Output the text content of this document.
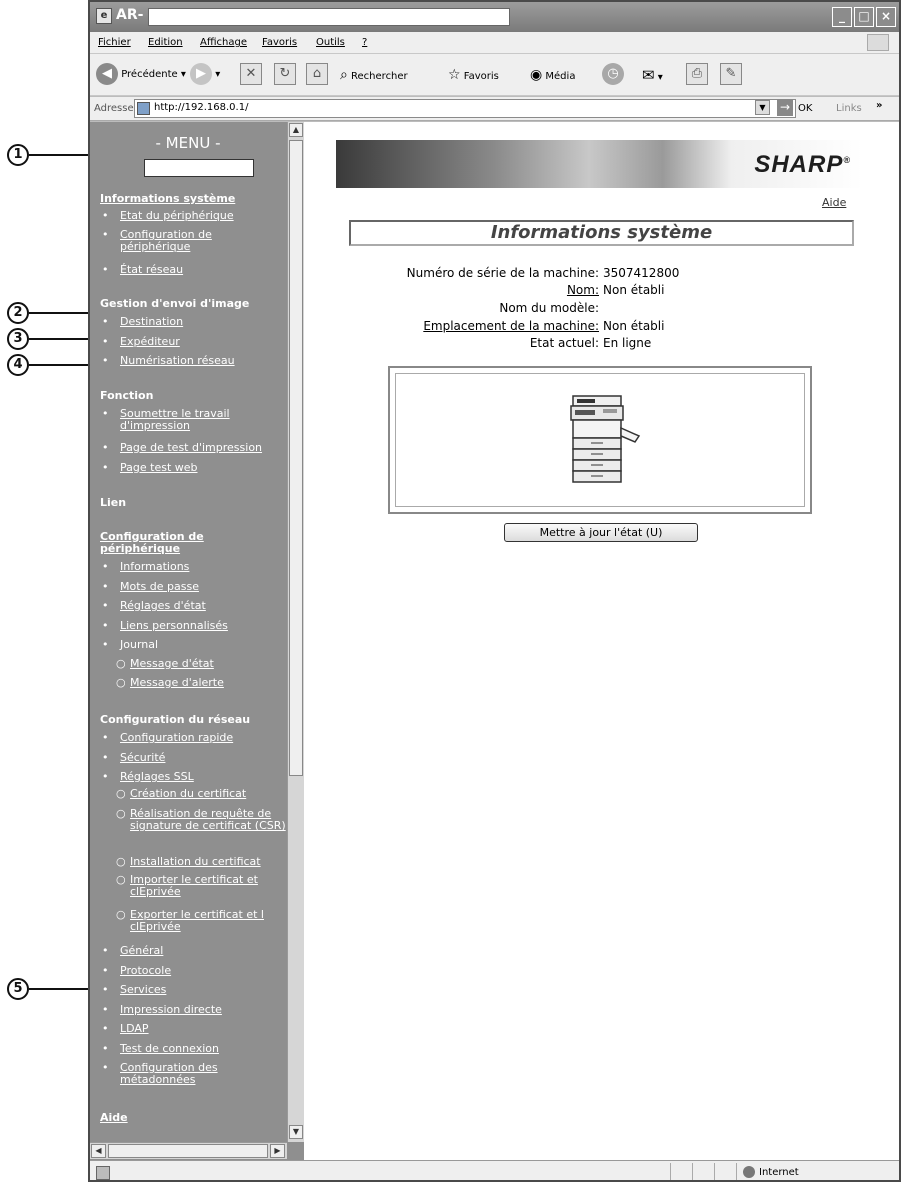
1
2
3
4
5
e AR-	_	□ ×
Fichier Edition Affichage Favoris Outils ?
◀ Précédente ▾ ▶ ▾	✕	↻	⌂	⌕ Rechercher	☆ Favoris ◉ Média	◷	✉ ▾	⎙	✎
Adresse http://192.168.0.1/	▼	→ OK Links »
- MENU -
Informations système
• Etat du périphérique
• Configuration de périphérique
• État réseau
Gestion d'envoi d'image
• Destination
• Expéditeur
• Numérisation réseau
Fonction
• Soumettre le travail d'impression
• Page de test d'impression
• Page test web
Lien
Configuration de périphérique
• Informations
• Mots de passe
• Réglages d'état
• Liens personnalisés
• Journal
○ Message d'état
○ Message d'alerte
Configuration du réseau
• Configuration rapide
• Sécurité
• Réglages SSL
○ Création du certificat
○ Réalisation de requête de signature de certificat (CSR)
○ Installation du certificat
○ Importer le certificat et clEprivée
○ Exporter le certificat et l clEprivée
• Général
• Protocole
• Services
• Impression directe
• LDAP
• Test de connexion
• Configuration des métadonnées
Aide
▲
▼
◀	▶
SHARP®
Aide
Informations système
Numéro de série de la machine: 3507412800
Nom: Non établi
Nom du modèle:
Emplacement de la machine: Non établi
Etat actuel: En ligne
Mettre à jour l'état (U)
Internet
